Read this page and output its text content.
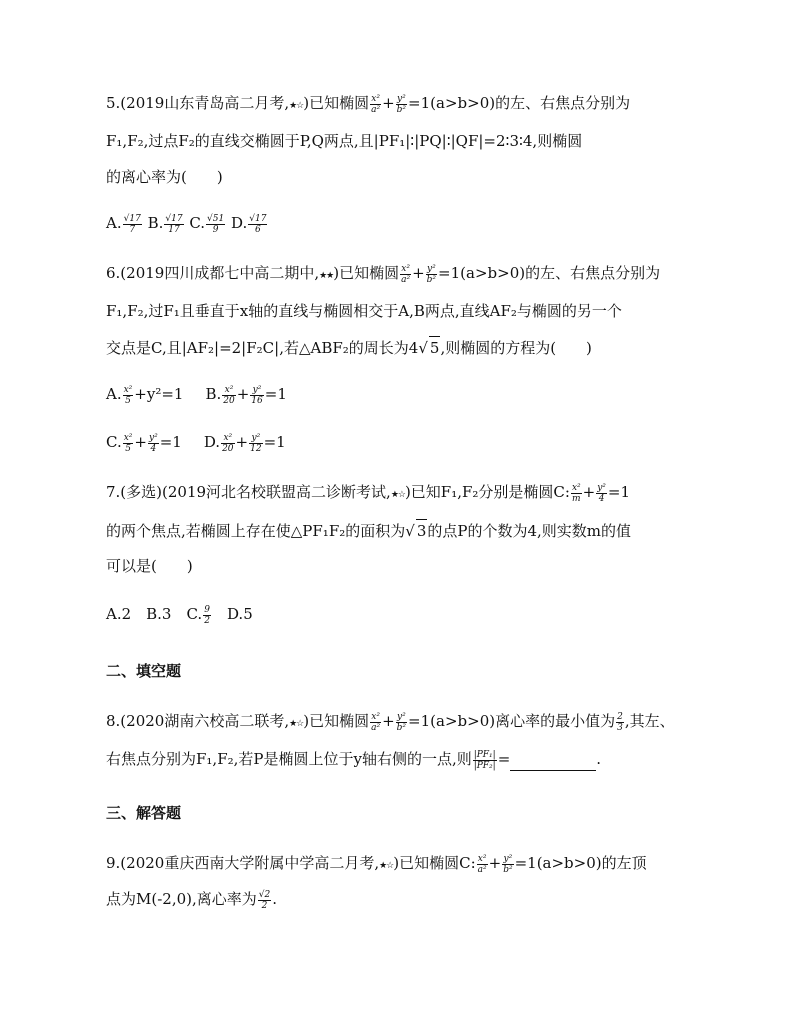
5.(2019山东青岛高二月考,★☆)已知椭圆 $\frac{\text{x²}}{\text{a²}} + \frac{\text{y²}}{\text{b²}} =1(a>b>0)$的左、右焦点分别为
F₁,F₂,过点F₂的直线交椭圆于P,Q两点,且|PF₁|∶|PQ|∶|QF|=2∶3∶4,则椭圆
的离心率为(　　)
A. $\frac{√17}{7} B$. $\frac{√17}{17} C$. $\frac{√51}{9} D$. $\frac{√17}{6}$
6.(2019四川成都七中高二期中,★★)已知椭圆 $\frac{\text{x²}}{\text{a²}} + \frac{\text{y²}}{\text{b²}} =1(a>b>0)$的左、右焦点分别为
F₁,F₂,过F₁且垂直于x轴的直线与椭圆相交于A,B两点,直线AF₂与椭圆的另一个
交点是C,且|AF₂|=2|F₂C|,若△ABF₂的周长为4√ 5,则椭圆的方程为(　　)
A. $\frac{\text{x²}}{5} +y^2=1$ B. $\frac{\text{x²}}{20} + \frac{\text{y²}}{16} =1$
C. $\frac{\text{x²}}{5} + \frac{\text{y²}}{4} =1$ D. $\frac{\text{x²}}{20} + \frac{\text{y²}}{12} =1$
7.(多选)(2019河北名校联盟高二诊断考试,★☆)已知F₁,F₂分别是椭圆C: $\frac{\text{x²}}{m} + \frac{\text{y²}}{4} =1$
的两个焦点,若椭圆上存在使△PF₁F₂的面积为√ 3的点P的个数为4,则实数m的值
可以是(　　)
A.2　B.3　C. $\frac{9}{2}$ 　D.5
二、填空题
8.(2020湖南六校高二联考,★☆)已知椭圆 $\frac{\text{x²}}{\text{a²}} + \frac{\text{y²}}{\text{b²}} =1(a>b>0)$离心率的最小值为 $\frac{2}{3}$ ,其左、
右焦点分别为F₁,F₂,若P是椭圆上位于y轴右侧的一点,则 $\frac{\text{|PF₁|}}{\text{|PF₂|}}$ =	.
三、解答题
9.(2020重庆西南大学附属中学高二月考,★☆)已知椭圆C: $\frac{\text{x²}}{\text{a²}} + \frac{\text{y²}}{\text{b²}} =1(a>b>0)$的左顶
点为M(-2,0),离心率为 $\frac{√2}{2}$ .
